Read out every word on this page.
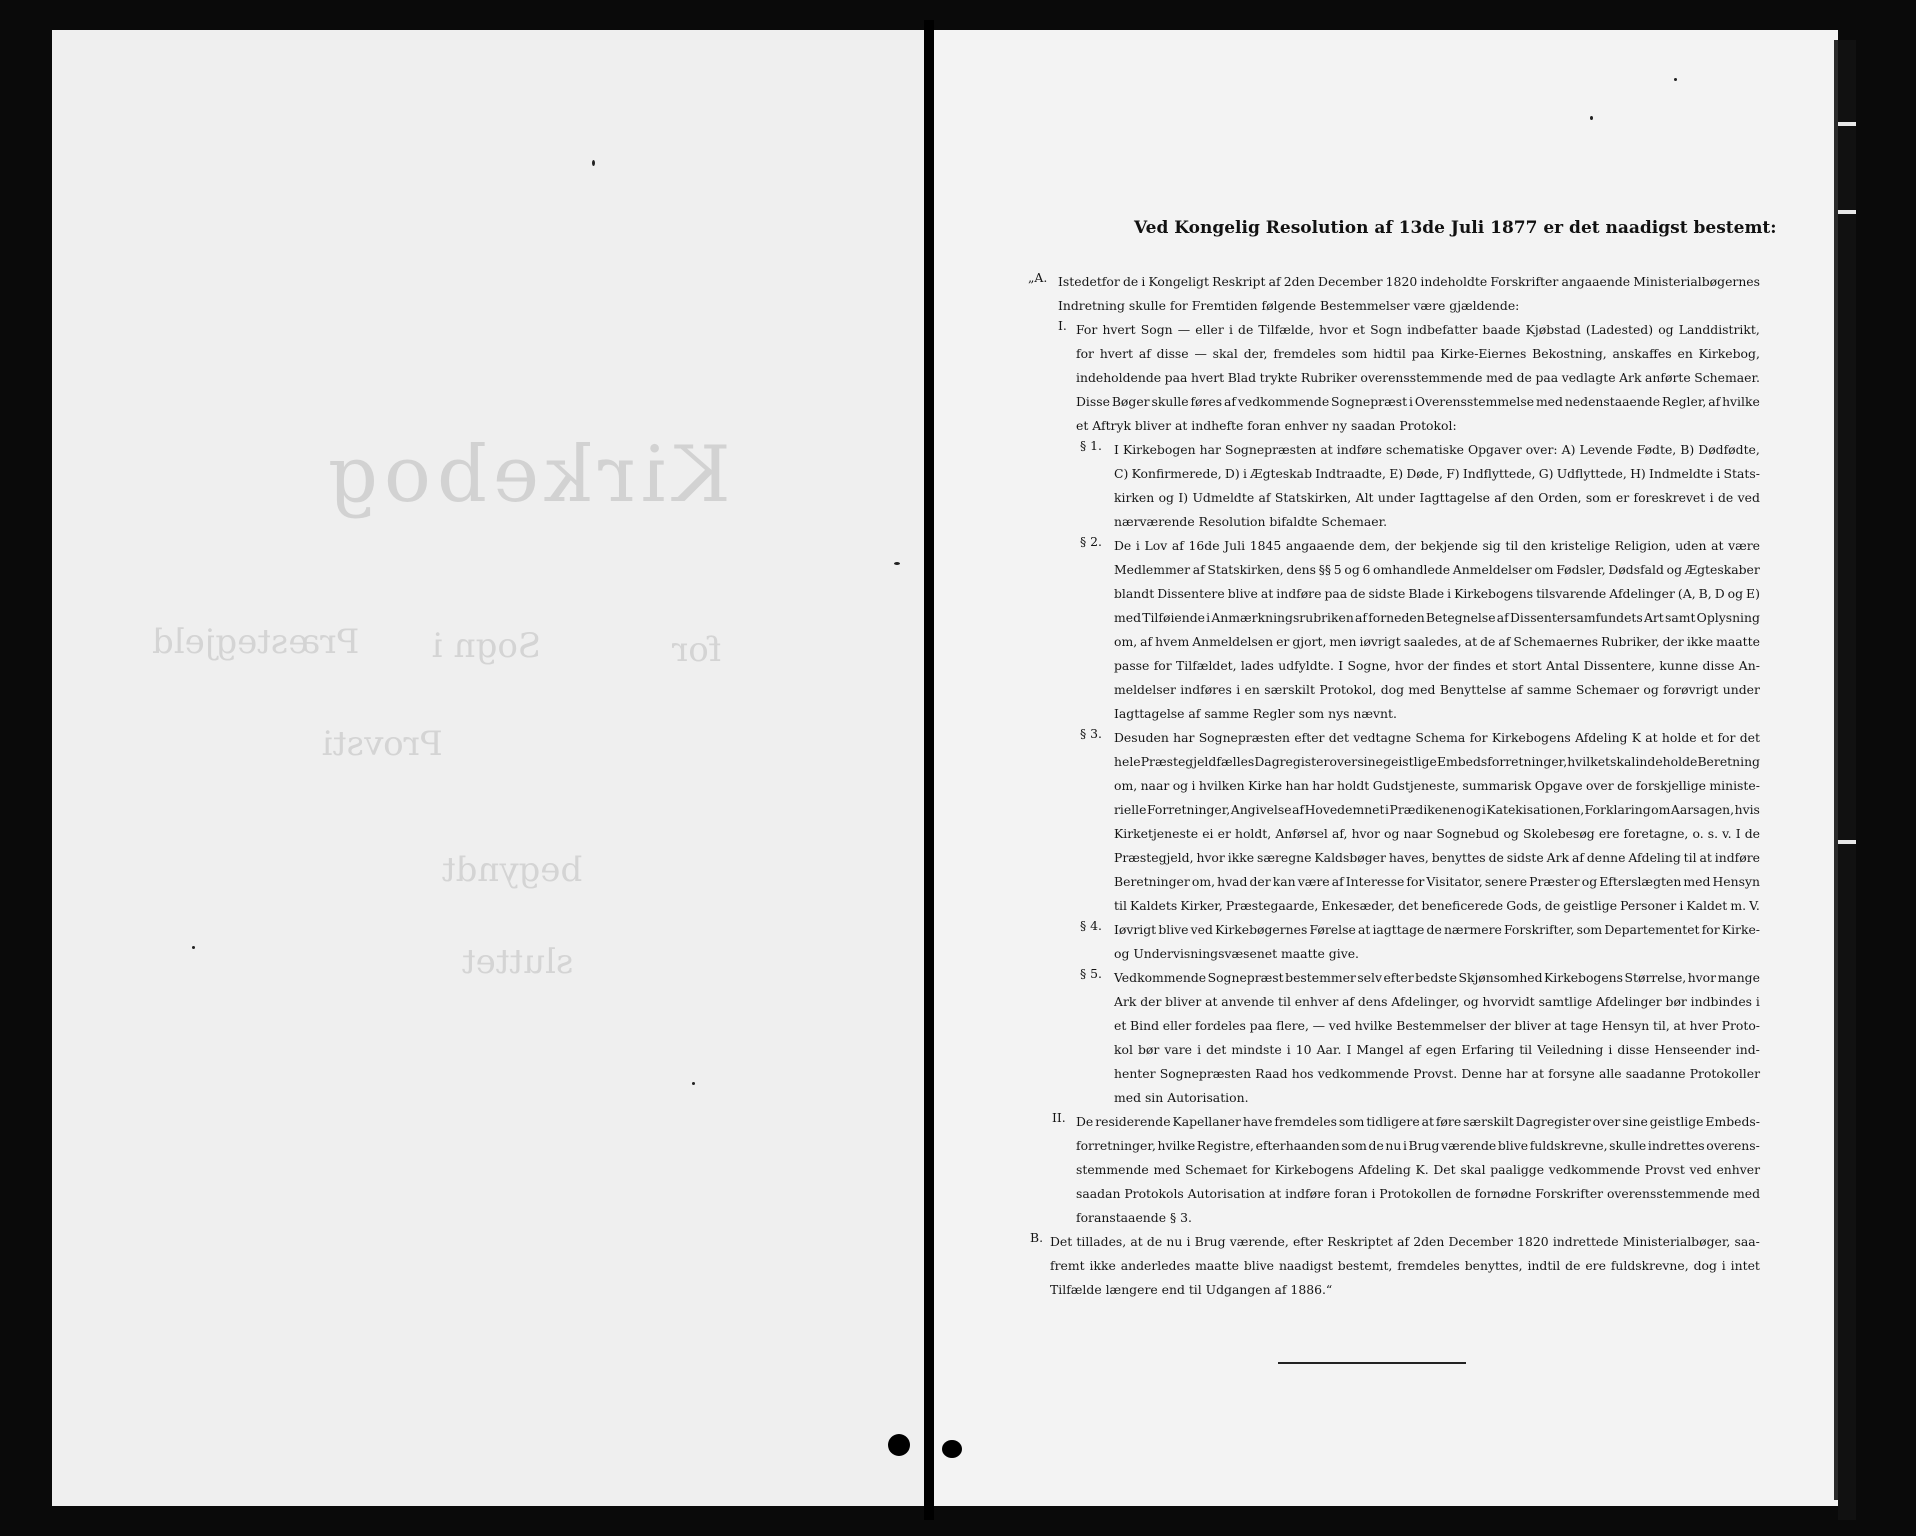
Kirkebog
for
Sogn i
Præstegjeld
Provsti
begyndt
sluttet
Ved Kongelig Resolution af 13de Juli 1877 er det naadigst bestemt:
„A. Istedetfor de i Kongeligt Reskript af 2den December 1820 indeholdte Forskrifter angaaende Ministerialbøgernes
Indretning skulle for Fremtiden følgende Bestemmelser være gjældende:
I. For hvert Sogn — eller i de Tilfælde, hvor et Sogn indbefatter baade Kjøbstad (Ladested) og Landdistrikt,
for hvert af disse — skal der, fremdeles som hidtil paa Kirke-Eiernes Bekostning, anskaffes en Kirkebog,
indeholdende paa hvert Blad trykte Rubriker overensstemmende med de paa vedlagte Ark anførte Schemaer.
Disse Bøger skulle føres af vedkommende Sognepræst i Overensstemmelse med nedenstaaende Regler, af hvilke
et Aftryk bliver at indhefte foran enhver ny saadan Protokol:
§ 1. I Kirkebogen har Sognepræsten at indføre schematiske Opgaver over: A) Levende Fødte, B) Dødfødte,
C) Konfirmerede, D) i Ægteskab Indtraadte, E) Døde, F) Indflyttede, G) Udflyttede, H) Indmeldte i Stats-
kirken og I) Udmeldte af Statskirken, Alt under Iagttagelse af den Orden, som er foreskrevet i de ved
nærværende Resolution bifaldte Schemaer.
§ 2. De i Lov af 16de Juli 1845 angaaende dem, der bekjende sig til den kristelige Religion, uden at være
Medlemmer af Statskirken, dens §§ 5 og 6 omhandlede Anmeldelser om Fødsler, Dødsfald og Ægteskaber
blandt Dissentere blive at indføre paa de sidste Blade i Kirkebogens tilsvarende Afdelinger (A, B, D og E)
med Tilføiende i Anmærkningsrubriken af forneden Betegnelse af Dissentersamfundets Art samt Oplysning
om, af hvem Anmeldelsen er gjort, men iøvrigt saaledes, at de af Schemaernes Rubriker, der ikke maatte
passe for Tilfældet, lades udfyldte. I Sogne, hvor der findes et stort Antal Dissentere, kunne disse An-
meldelser indføres i en særskilt Protokol, dog med Benyttelse af samme Schemaer og forøvrigt under
Iagttagelse af samme Regler som nys nævnt.
§ 3. Desuden har Sognepræsten efter det vedtagne Schema for Kirkebogens Afdeling K at holde et for det
hele Præstegjeld fælles Dagregister over sine geistlige Embedsforretninger, hvilket skal indeholde Beretning
om, naar og i hvilken Kirke han har holdt Gudstjeneste, summarisk Opgave over de forskjellige ministe-
rielle Forretninger, Angivelse af Hovedemnet i Prædikenen og i Katekisationen, Forklaring om Aarsagen, hvis
Kirketjeneste ei er holdt, Anførsel af, hvor og naar Sognebud og Skolebesøg ere foretagne, o. s. v. I de
Præstegjeld, hvor ikke særegne Kaldsbøger haves, benyttes de sidste Ark af denne Afdeling til at indføre
Beretninger om, hvad der kan være af Interesse for Visitator, senere Præster og Efterslægten med Hensyn
til Kaldets Kirker, Præstegaarde, Enkesæder, det beneficerede Gods, de geistlige Personer i Kaldet m. V.
§ 4. Iøvrigt blive ved Kirkebøgernes Førelse at iagttage de nærmere Forskrifter, som Departementet for Kirke-
og Undervisningsvæsenet maatte give.
§ 5. Vedkommende Sognepræst bestemmer selv efter bedste Skjønsomhed Kirkebogens Størrelse, hvor mange
Ark der bliver at anvende til enhver af dens Afdelinger, og hvorvidt samtlige Afdelinger bør indbindes i
et Bind eller fordeles paa flere, — ved hvilke Bestemmelser der bliver at tage Hensyn til, at hver Proto-
kol bør vare i det mindste i 10 Aar. I Mangel af egen Erfaring til Veiledning i disse Henseender ind-
henter Sognepræsten Raad hos vedkommende Provst. Denne har at forsyne alle saadanne Protokoller
med sin Autorisation.
II. De residerende Kapellaner have fremdeles som tidligere at føre særskilt Dagregister over sine geistlige Embeds-
forretninger, hvilke Registre, efterhaanden som de nu i Brug værende blive fuldskrevne, skulle indrettes overens-
stemmende med Schemaet for Kirkebogens Afdeling K. Det skal paaligge vedkommende Provst ved enhver
saadan Protokols Autorisation at indføre foran i Protokollen de fornødne Forskrifter overensstemmende med
foranstaaende § 3.
B. Det tillades, at de nu i Brug værende, efter Reskriptet af 2den December 1820 indrettede Ministerialbøger, saa-
fremt ikke anderledes maatte blive naadigst bestemt, fremdeles benyttes, indtil de ere fuldskrevne, dog i intet
Tilfælde længere end til Udgangen af 1886.“
